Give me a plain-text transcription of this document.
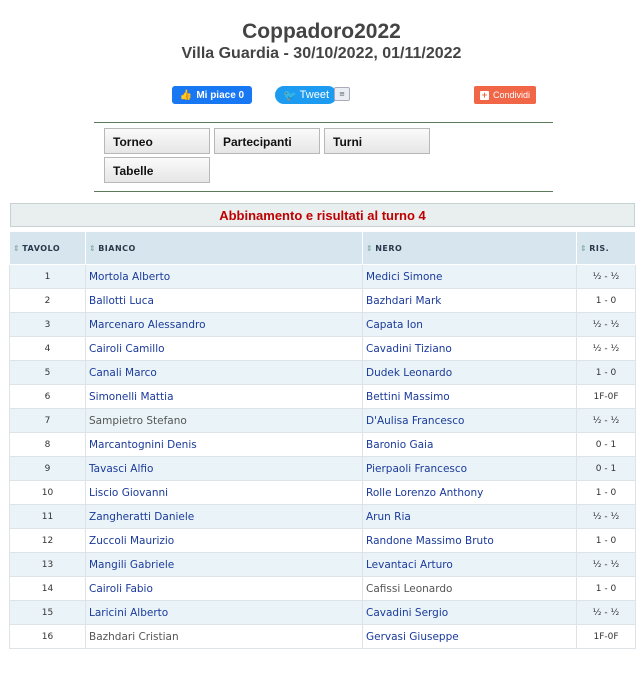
Coppadoro2022
Villa Guardia - 30/10/2022, 01/11/2022
👍 Mi piace 0	🐦 Tweet	≡	+ Condividi
Torneo	Partecipanti	Turni
Tabelle
Abbinamento e risultati al turno 4
⇕ TAVOLO	⇕ BIANCO	⇕ NERO	⇕ RIS.
1	Mortola Alberto	Medici Simone	½ - ½
2	Ballotti Luca	Bazhdari Mark	1 - 0
3	Marcenaro Alessandro	Capata Ion	½ - ½
4	Cairoli Camillo	Cavadini Tiziano	½ - ½
5	Canali Marco	Dudek Leonardo	1 - 0
6	Simonelli Mattia	Bettini Massimo	1F-0F
7	Sampietro Stefano	D'Aulisa Francesco	½ - ½
8	Marcantognini Denis	Baronio Gaia	0 - 1
9	Tavasci Alfio	Pierpaoli Francesco	0 - 1
10	Liscio Giovanni	Rolle Lorenzo Anthony	1 - 0
11	Zangheratti Daniele	Arun Ria	½ - ½
12	Zuccoli Maurizio	Randone Massimo Bruto	1 - 0
13	Mangili Gabriele	Levantaci Arturo	½ - ½
14	Cairoli Fabio	Cafissi Leonardo	1 - 0
15	Laricini Alberto	Cavadini Sergio	½ - ½
16	Bazhdari Cristian	Gervasi Giuseppe	1F-0F
